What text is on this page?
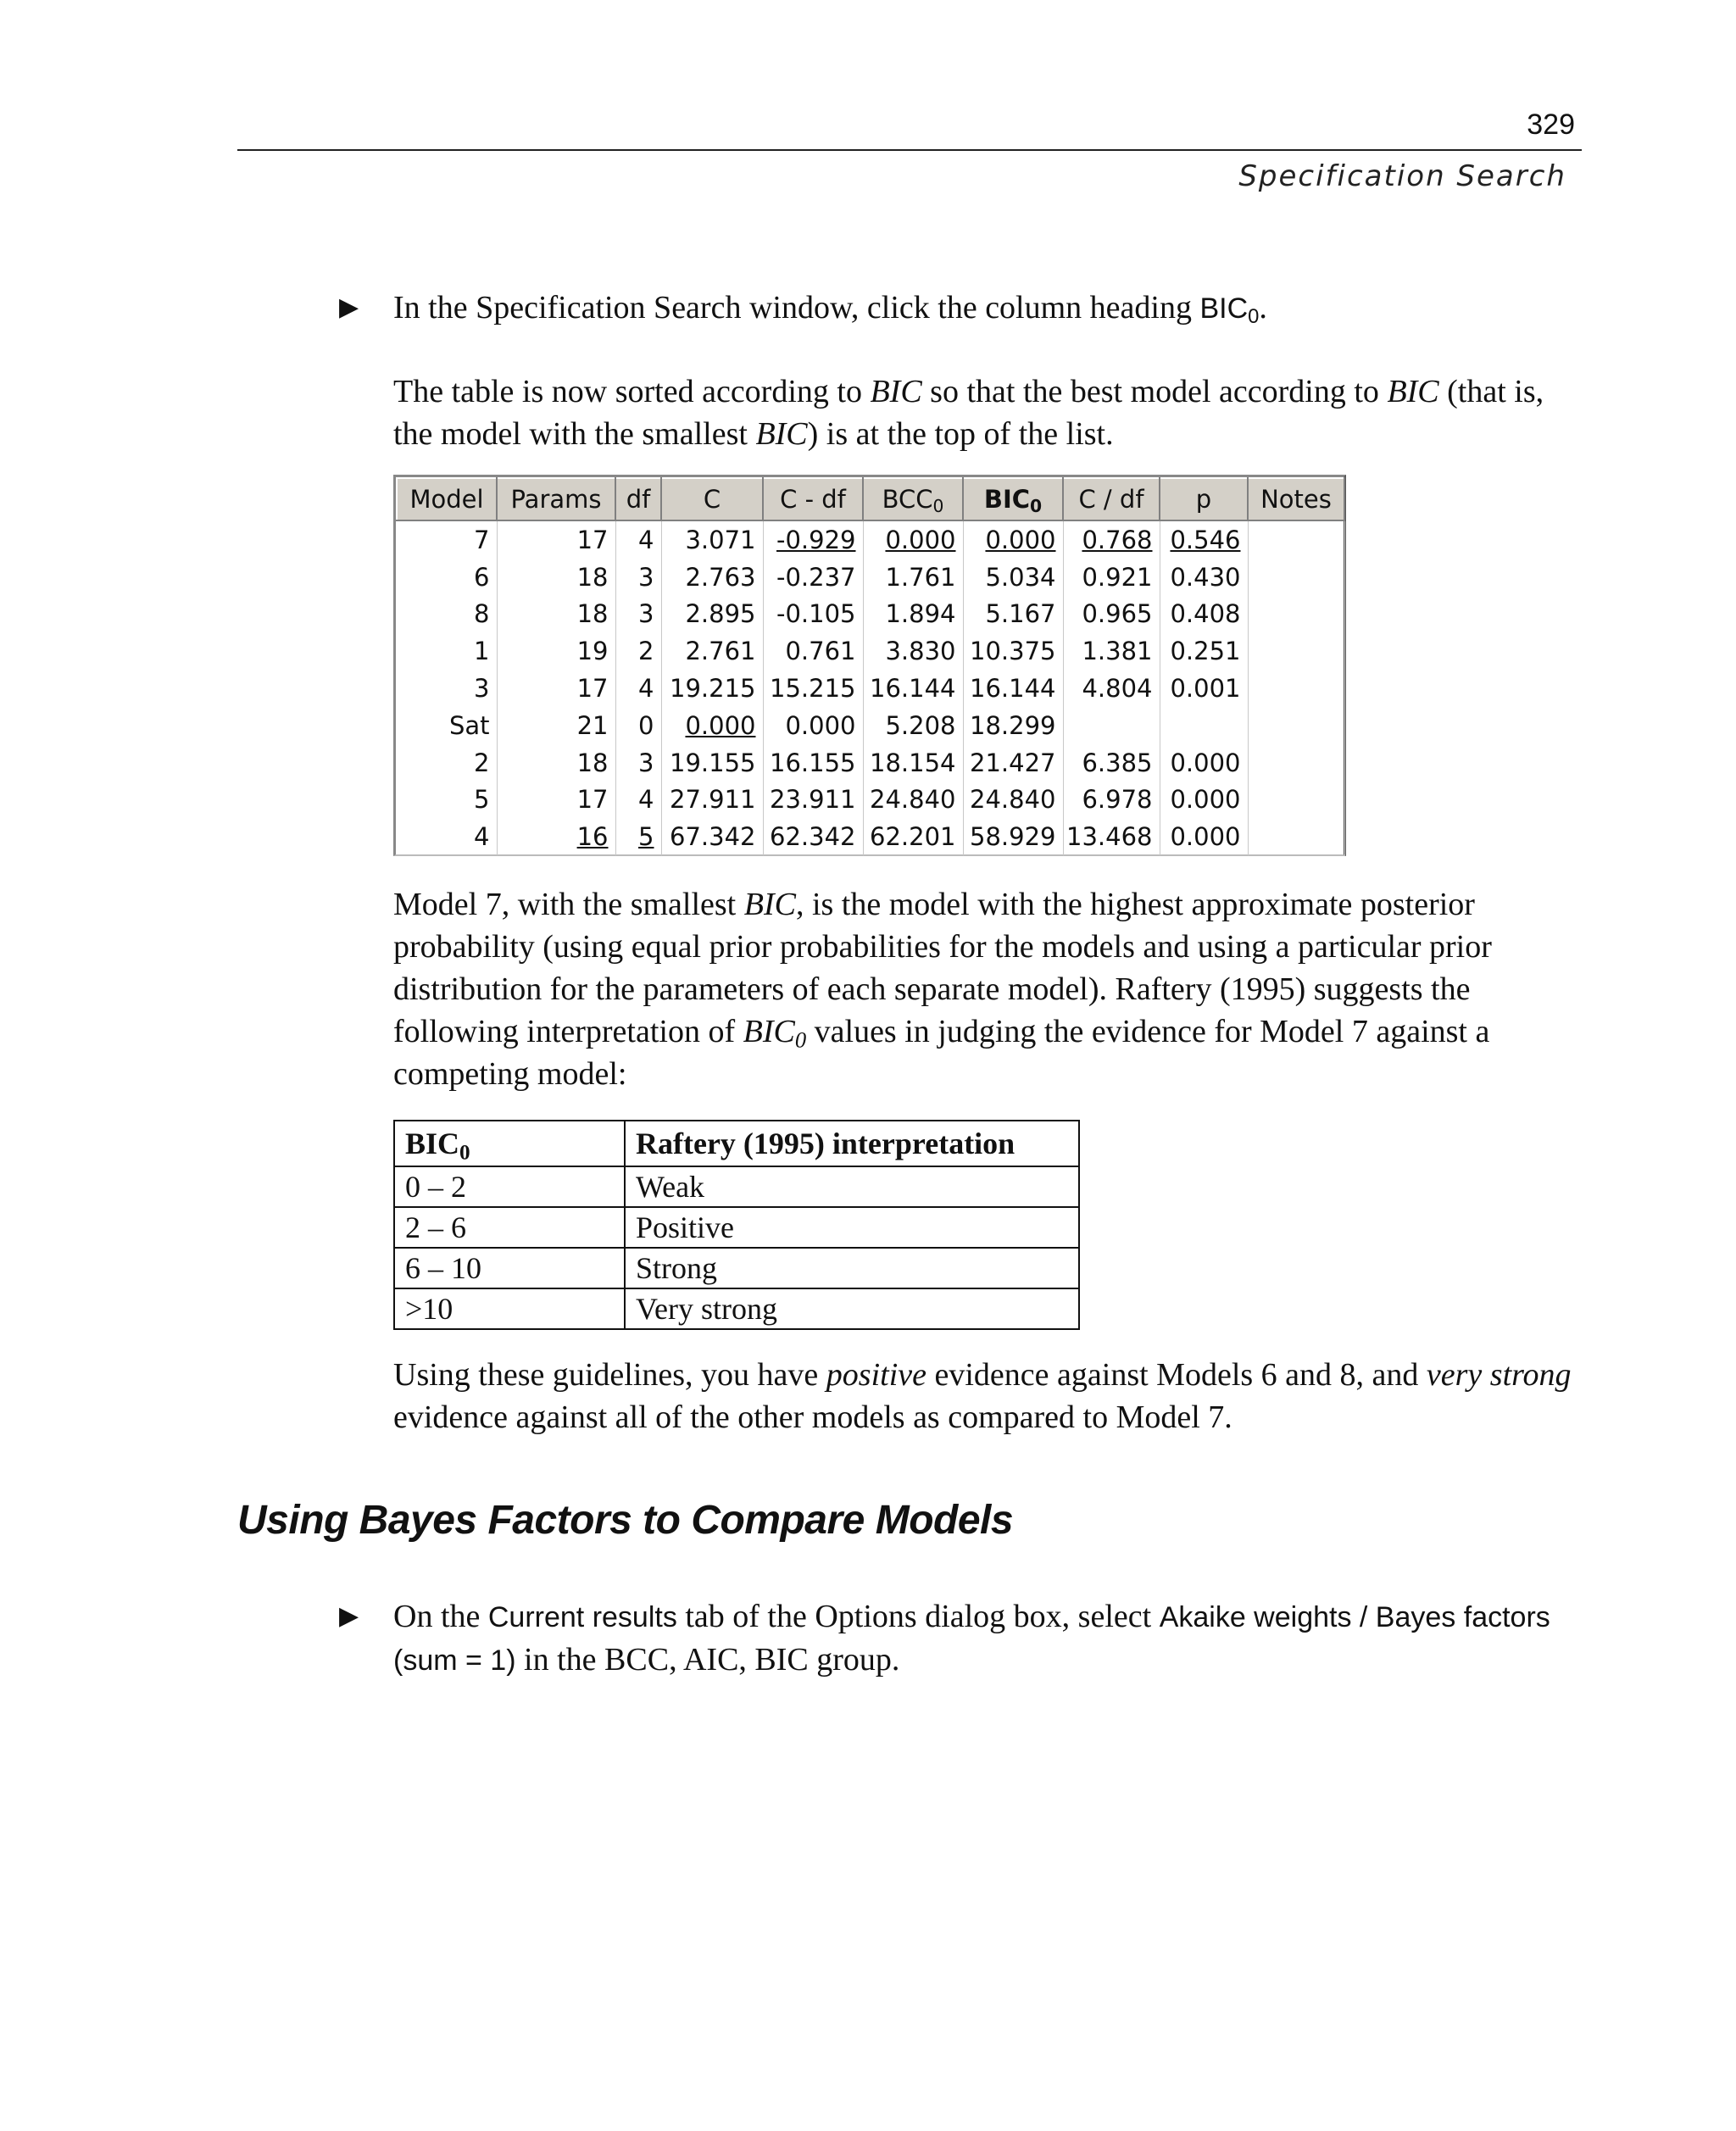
329
Specification Search
▶ In the Specification Search window, click the column heading $BIC_0$.

The table is now sorted according to BIC so that the best model according to BIC (that is, the model with the smallest BIC) is at the top of the list.

Model	Params	df	C	C - df	$BCC_0$	$BIC_0$	C / df	p	Notes
7	17	4	3.071	-0.929	0.000	0.000	0.768	0.546	
6	18	3	2.763	-0.237	1.761	5.034	0.921	0.430	
8	18	3	2.895	-0.105	1.894	5.167	0.965	0.408	
1	19	2	2.761	0.761	3.830	10.375	1.381	0.251	
3	17	4	19.215	15.215	16.144	16.144	4.804	0.001	
Sat	21	0	0.000	0.000	5.208	18.299			
2	18	3	19.155	16.155	18.154	21.427	6.385	0.000	
5	17	4	27.911	23.911	24.840	24.840	6.978	0.000	
4	16	5	67.342	62.342	62.201	58.929	13.468	0.000	

Model 7, with the smallest BIC, is the model with the highest approximate posterior probability (using equal prior probabilities for the models and using a particular prior distribution for the parameters of each separate model). Raftery (1995) suggests the following interpretation of $BIC_0$ values in judging the evidence for Model 7 against a competing model:

$BIC_0$	Raftery (1995) interpretation
0 – 2	Weak
2 – 6	Positive
6 – 10	Strong
>10	Very strong

Using these guidelines, you have positive evidence against Models 6 and 8, and very strong evidence against all of the other models as compared to Model 7.

Using Bayes Factors to Compare Models
▶ On the Current results tab of the Options dialog box, select Akaike weights / Bayes factors (sum = 1) in the BCC, AIC, BIC group.
